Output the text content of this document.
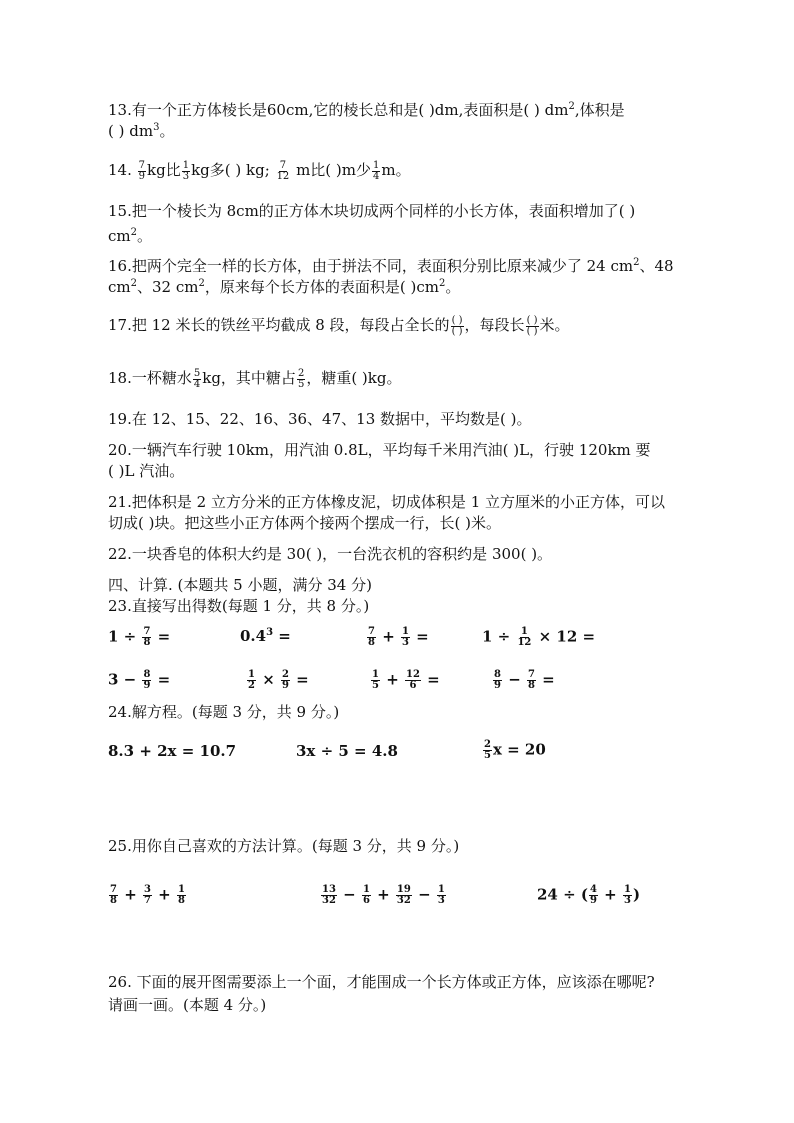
13.有一个正方体棱长是60cm,它的棱长总和是( )dm,表面积是( ) $dm^2$,体积是
( ) $dm^3$。
14. $\frac{7}{9}$ kg比 $\frac{1}{3}$ kg多( ) kg; $\frac{7}{12}$ m比( )m少 $\frac{1}{4}$ m。
15.把一个棱长为 8cm的正方体木块切成两个同样的小长方体，表面积增加了( )
$cm^2$。
16.把两个完全一样的长方体，由于拼法不同，表面积分别比原来减少了 24 $cm^2$、48
$cm^2$、32 $cm^2$，原来每个长方体的表面积是( )$cm^2$。
17.把 12 米长的铁丝平均截成 8 段，每段占全长的 $\frac{( )}{( )}$ ，每段长 $\frac{( )}{( )}$ 米。
18.一杯糖水 $\frac{5}{4}$ kg，其中糖占 $\frac{2}{5}$ ，糖重( )kg。
19.在 12、15、22、16、36、47、13 数据中，平均数是( )。
20.一辆汽车行驶 10km，用汽油 0.8L，平均每千米用汽油( )L，行驶 120km 要
( )L 汽油。
21.把体积是 2 立方分米的正方体橡皮泥，切成体积是 1 立方厘米的小正方体，可以
切成( )块。把这些小正方体两个接两个摆成一行，长( )米。
22.一块香皂的体积大约是 30( )，一台洗衣机的容积约是 300( )。
四、计算. (本题共 5 小题，满分 34 分)
23.直接写出得数(每题 1 分，共 8 分。)
$1 \div \frac{7}{8}$ =	$0.4^3$ =	$\frac{7}{8} + \frac{1}{3}$ =	$1 \div \frac{1}{12} \times 12$ =
$3 - \frac{8}{9}$ =	$\frac{1}{2} \times \frac{2}{9}$ =	$\frac{1}{5} + \frac{12}{6}$ =	$\frac{8}{9} - \frac{7}{8}$ =
24.解方程。(每题 3 分，共 9 分。)
8.3 + 2x = 10.7	3x ÷ 5 = 4.8	$\frac{2}{5}$ x = 20
25.用你自己喜欢的方法计算。(每题 3 分，共 9 分。)
$\frac{7}{8} + \frac{3}{7} + \frac{1}{8}$	$\frac{13}{32} - \frac{1}{6} + \frac{19}{32} - \frac{1}{3}$	24 ÷ ( $\frac{4}{9} + \frac{1}{3}$ )
26. 下面的展开图需要添上一个面，才能围成一个长方体或正方体，应该添在哪呢?
请画一画。(本题 4 分。)
